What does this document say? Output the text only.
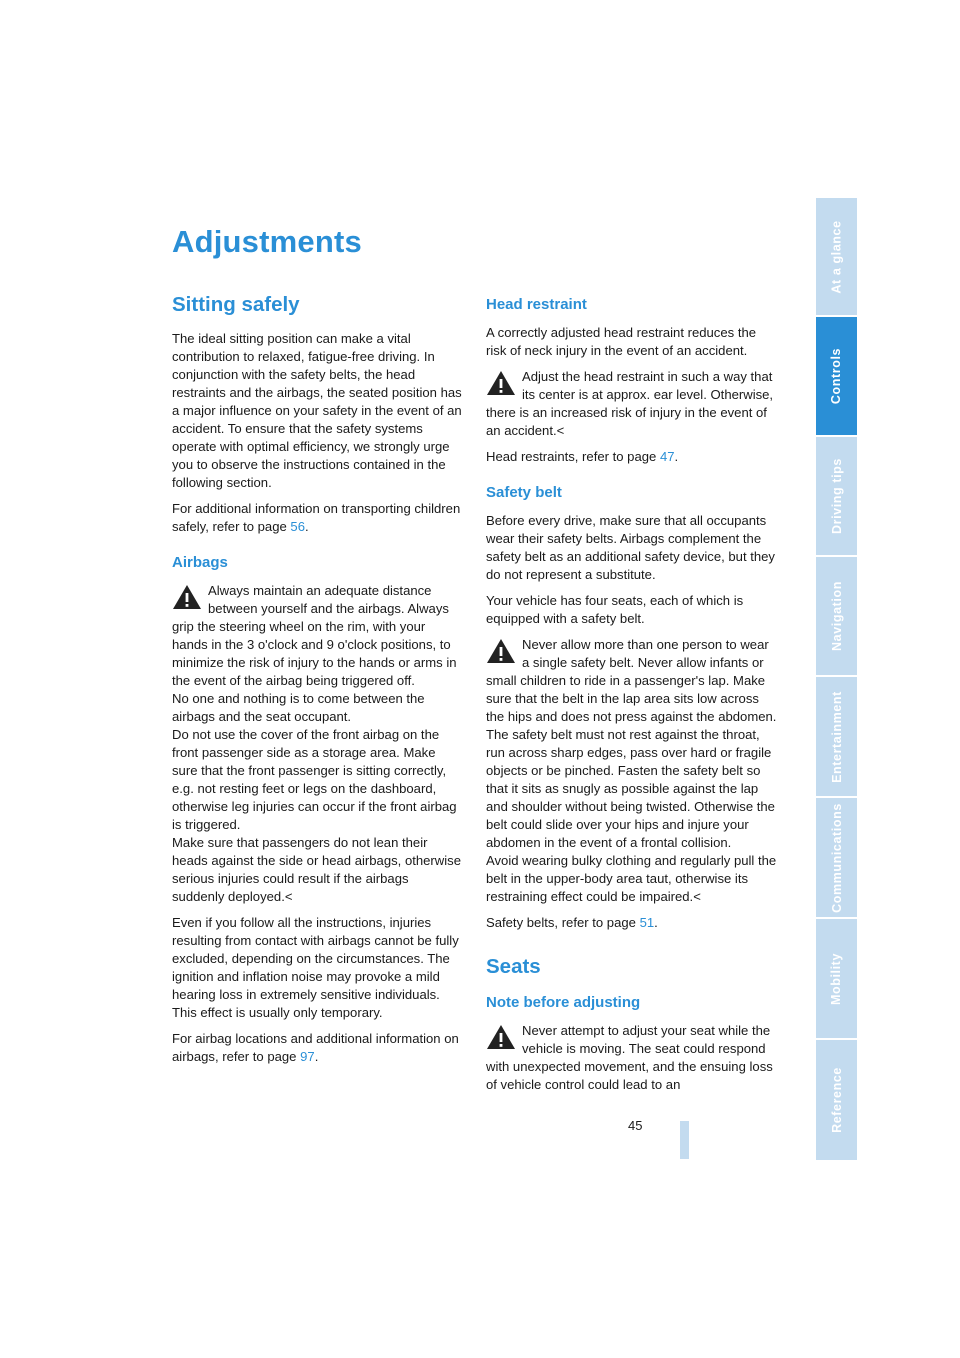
Adjustments
Sitting safely

The ideal sitting position can make a vital contribution to relaxed, fatigue-free driving. In conjunction with the safety belts, the head restraints and the airbags, the seated position has a major influence on your safety in the event of an accident. To ensure that the safety systems operate with optimal efficiency, we strongly urge you to observe the instructions contained in the following section.

For additional information on transporting children safely, refer to page 56.

Airbags
Always maintain an adequate distance between yourself and the airbags. Always grip the steering wheel on the rim, with your hands in the 3 o'clock and 9 o'clock positions, to minimize the risk of injury to the hands or arms in the event of the airbag being triggered off.
No one and nothing is to come between the airbags and the seat occupant.
Do not use the cover of the front airbag on the front passenger side as a storage area. Make sure that the front passenger is sitting correctly, e.g. not resting feet or legs on the dashboard, otherwise leg injuries can occur if the front airbag is triggered.
Make sure that passengers do not lean their heads against the side or head airbags, otherwise serious injuries could result if the airbags suddenly deployed.<

Even if you follow all the instructions, injuries resulting from contact with airbags cannot be fully excluded, depending on the circumstances. The ignition and inflation noise may provoke a mild hearing loss in extremely sensitive individuals. This effect is usually only temporary.

For airbag locations and additional information on airbags, refer to page 97.

Head restraint

A correctly adjusted head restraint reduces the risk of neck injury in the event of an accident.

Adjust the head restraint in such a way that its center is at approx. ear level. Otherwise, there is an increased risk of injury in the event of an accident.<

Head restraints, refer to page 47.

Safety belt

Before every drive, make sure that all occupants wear their safety belts. Airbags complement the safety belt as an additional safety device, but they do not represent a substitute.

Your vehicle has four seats, each of which is equipped with a safety belt.

Never allow more than one person to wear a single safety belt. Never allow infants or small children to ride in a passenger's lap. Make sure that the belt in the lap area sits low across the hips and does not press against the abdomen.
The safety belt must not rest against the throat, run across sharp edges, pass over hard or fragile objects or be pinched. Fasten the safety belt so that it sits as snugly as possible against the lap and shoulder without being twisted. Otherwise the belt could slide over your hips and injure your abdomen in the event of a frontal collision.
Avoid wearing bulky clothing and regularly pull the belt in the upper-body area taut, otherwise its restraining effect could be impaired.<

Safety belts, refer to page 51.

Seats
Note before adjusting
Never attempt to adjust your seat while the vehicle is moving. The seat could respond with unexpected movement, and the ensuing loss of vehicle control could lead to an
45
At a glance
Controls
Driving tips
Navigation
Entertainment
Communications
Mobility
Reference
